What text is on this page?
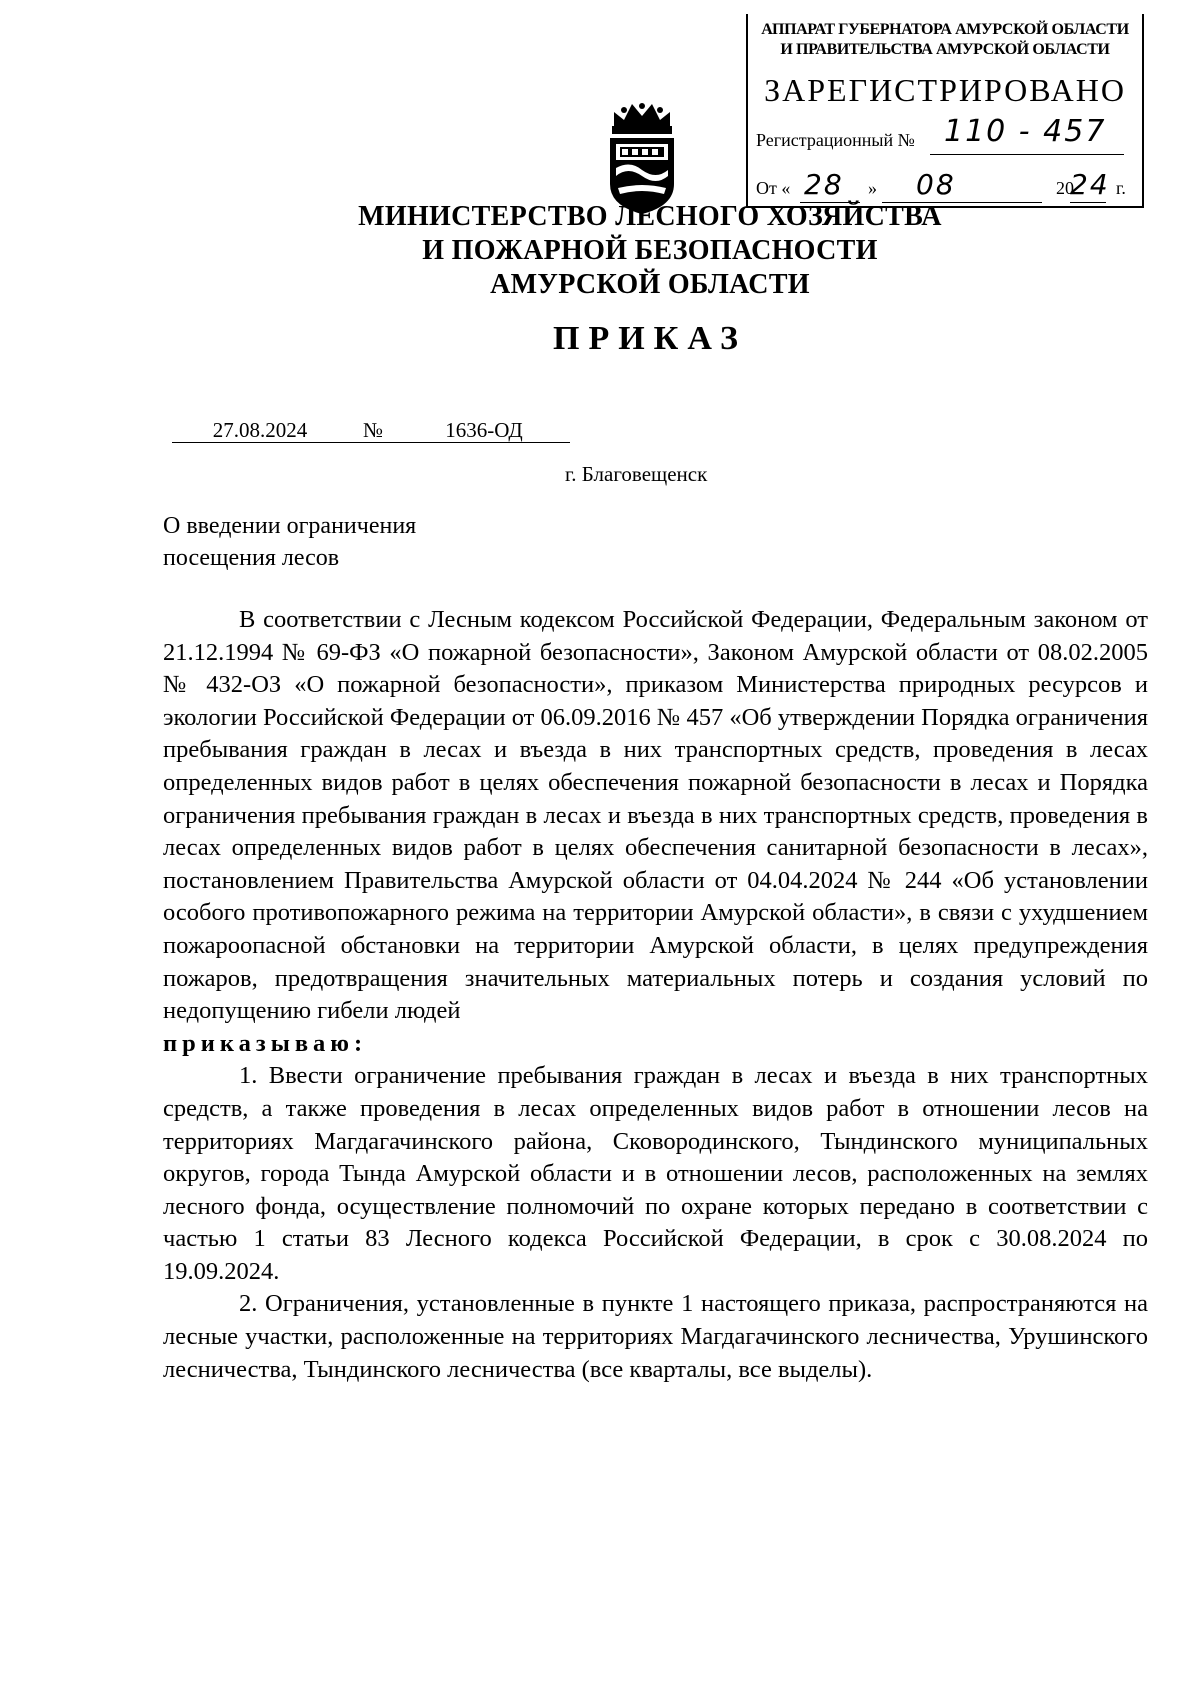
АППАРАТ ГУБЕРНАТОРА АМУРСКОЙ ОБЛАСТИ
И ПРАВИТЕЛЬСТВА АМУРСКОЙ ОБЛАСТИ
ЗАРЕГИСТРИРОВАНО
Регистрационный № 110 - 457
От «	»	20 г.
28	08	24
МИНИСТЕРСТВО ЛЕСНОГО ХОЗЯЙСТВА
И ПОЖАРНОЙ БЕЗОПАСНОСТИ
АМУРСКОЙ ОБЛАСТИ
ПРИКАЗ
27.08.2024	№	1636-ОД
г. Благовещенск
О введении ограничения
посещения лесов

В соответствии с Лесным кодексом Российской Федерации, Федеральным законом от 21.12.1994 № 69-ФЗ «О пожарной безопасности», Законом Амурской области от 08.02.2005 № 432-ОЗ «О пожарной безопасности», приказом Министерства природных ресурсов и экологии Российской Федерации от 06.09.2016 № 457 «Об утверждении Порядка ограничения пребывания граждан в лесах и въезда в них транспортных средств, проведения в лесах определенных видов работ в целях обеспечения пожарной безопасности в лесах и Порядка ограничения пребывания граждан в лесах и въезда в них транспортных средств, проведения в лесах определенных видов работ в целях обеспечения санитарной безопасности в лесах», постановлением Правительства Амурской области от 04.04.2024 № 244 «Об установлении особого противопожарного режима на территории Амурской области», в связи с ухудшением пожароопасной обстановки на территории Амурской области, в целях предупреждения пожаров, предотвращения значительных материальных потерь и создания условий по недопущению гибели людей

приказываю:

1. Ввести ограничение пребывания граждан в лесах и въезда в них транспортных средств, а также проведения в лесах определенных видов работ в отношении лесов на территориях Магдагачинского района, Сковородинского, Тындинского муниципальных округов, города Тында Амурской области и в отношении лесов, расположенных на землях лесного фонда, осуществление полномочий по охране которых передано в соответствии с частью 1 статьи 83 Лесного кодекса Российской Федерации, в срок с 30.08.2024 по 19.09.2024.

2. Ограничения, установленные в пункте 1 настоящего приказа, распространяются на лесные участки, расположенные на территориях Магдагачинского лесничества, Урушинского лесничества, Тындинского лесничества (все кварталы, все выделы).
